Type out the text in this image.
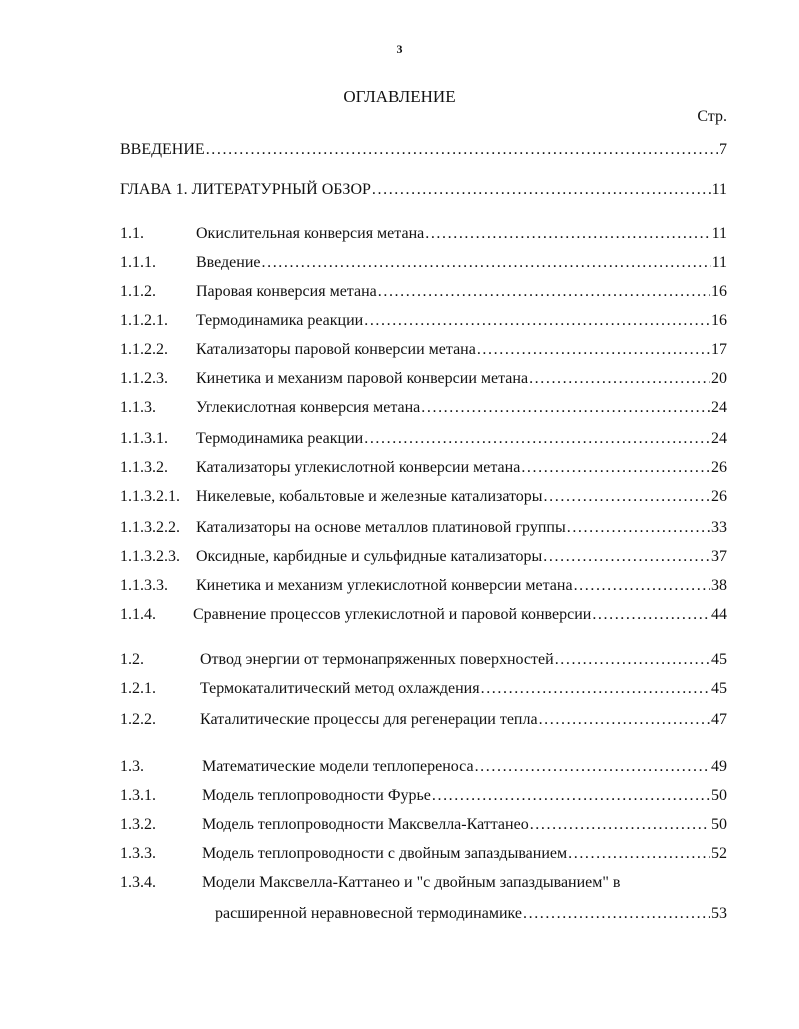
3
ОГЛАВЛЕНИЕ
Стр.
ВВЕДЕНИЕ .....	7
ГЛАВА 1. ЛИТЕРАТУРНЫЙ ОБЗОР .....	11
1.1.	Окислительная конверсия метана .....	11
1.1.1.	Введение .....	11
1.1.2.	Паровая конверсия метана .....	16
1.1.2.1.	Термодинамика реакции .....	16
1.1.2.2.	Катализаторы паровой конверсии метана .....	17
1.1.2.3.	Кинетика и механизм паровой конверсии метана .....	20
1.1.3.	Углекислотная конверсия метана .....	24
1.1.3.1.	Термодинамика реакции .....	24
1.1.3.2.	Катализаторы углекислотной конверсии метана .....	26
1.1.3.2.1.	Никелевые, кобальтовые и железные катализаторы .....	26
1.1.3.2.2.	Катализаторы на основе металлов платиновой группы .....	33
1.1.3.2.3.	Оксидные, карбидные и сульфидные катализаторы .....	37
1.1.3.3.	Кинетика и механизм углекислотной конверсии метана .....	38
1.1.4.	Сравнение процессов углекислотной и паровой конверсии .....	44
1.2.	Отвод энергии от термонапряженных поверхностей .....	45
1.2.1.	Термокаталитический метод охлаждения .....	45
1.2.2.	Каталитические процессы для регенерации тепла .....	47
1.3.	Математические модели теплопереноса .....	49
1.3.1.	Модель теплопроводности Фурье .....	50
1.3.2.	Модель теплопроводности Максвелла-Каттанео .....	50
1.3.3.	Модель теплопроводности с двойным запаздыванием .....	52
1.3.4.	Модели Максвелла-Каттанео и "с двойным запаздыванием" в
расширенной неравновесной термодинамике .....	53
